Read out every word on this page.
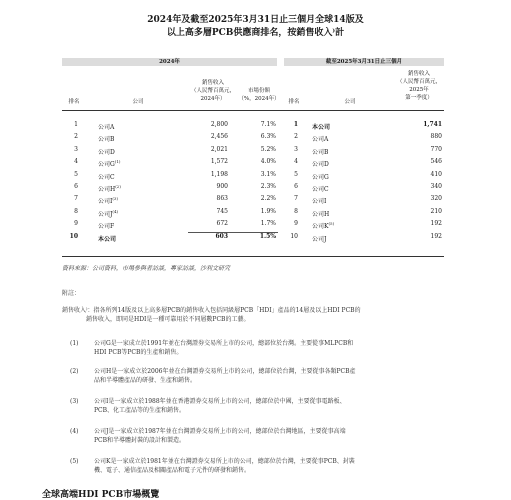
2024年及截至2025年3月31日止三個月全球14版及
以上高多層PCB供應商排名，按銷售收入⁾計
2024年	截至2025年3月31日止三個月
排名	公司
銷售收入
（人民幣百萬元，
2024年）
市場份額
（%，2024年）	排名	公司
銷售收入
（人民幣百萬元，
2025年
第一季度）
1	公司A	2,800	7.1%
2	公司B	2,456	6.3%
3	公司D	2,021	5.2%
4	公司$G^{(1)}$	1,572	4.0%
5	公司C	1,198	3.1%
6	公司$H^{(2)}$	900	2.3%
7	公司$I^{(3)}$	863	2.2%
8	公司$J^{(4)}$	745	1.9%
9	公司F	672	1.7%
10	本公司	603	1.5%
1 本公司	1,741
2 公司A	880
3 公司B	770
4 公司D	546
5 公司G	410
6 公司C	340
7 公司I	320
8 公司H	210
9 公司$K^{(5)}$	192
10 公司J	192
資料來源：公司資料，市場參與者訪談，專家訪談，沙利文研究
附註：
銷售收入⁾：指各所列14版及以上高多層PCB的銷售收入包括同級層PCB「HDI」產品的14層及以上HDI PCB的
銷售收入，即同是HDI是一種可靠用於不同層數PCB的工藝。
(1)	公司G是一家成立於1991年並在台灣證券交易所上市的公司，總部位於台灣。主要從事MLPCB和
HDI PCB等PCB的生產和銷售。
(2)	公司H是一家成立於2006年並在台灣證券交易所上市的公司，總部位於台灣，主要從事各類PCB產
品和半導體產品的研發、生產和銷售。
(3)	公司I是一家成立於1988年並在香港證券交易所上市的公司，總部位於中國，主要從事電路板、
PCB、化工產品等的生產和銷售。
(4)	公司J是一家成立於1987年並在台灣證券交易所上市的公司，總部位於台灣地區，主要從事高端
PCB和半導體封裝的設計和製造。
(5)	公司K是一家成立於1981年並在台灣證券交易所上市的公司，總部位於台灣，主要從事PCB、封裝
機、電子、通信產品及相關產品和電子元件的研發和銷售。
全球高端HDI PCB市場概覽
